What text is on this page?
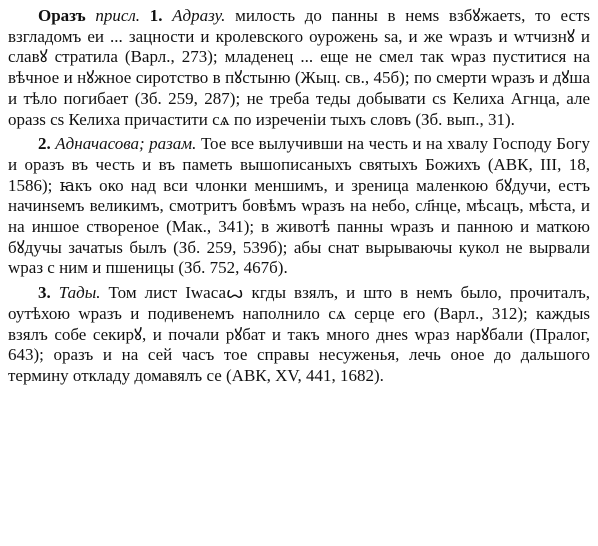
Оразъ присл. 1. Адразу. милость до панны в немѕ взбꙋжаетѕ, то естѕ взгладомъ еи ... зацности и кролевского оурожень ѕа, и же wразъ и wтчизнꙋ и славꙋ стратила (Варл., 273); младенец ... еще не смел так wраз пуститися на вѣчное и нꙋжное сиротство в пꙋстыню (Жыц. св., 45б); по смерти wразъ и дꙋша и тѣло погибает (Зб. 259, 287); не треба теды добывати сѕ Келиха Агнца, але оразѕ сѕ Келиха причастити сѧ по изреченіи тыхъ словъ (Зб. вып., 31).

2. Адначасова; разам. Тое все вылучивши на честь и на хвалу Господу Богу и оразъ въ честь и въ паметь вышописаныхъ святыхъ Божихъ (АВК, III, 18, 1586); ꙗкъ око над вси члонки меншимъ, и зреница маленкою бꙋдучи, естъ начинѕемъ великимъ, смотритъ бовѣмъ wразъ на небо, сл҃нце, мѣсацъ, мѣста, и на иншое створеное (Мак., 341); в животѣ панны wразъ и панною и маткою бꙋдучы зачатыѕ былъ (Зб. 259, 539б); абы снат вырываючы кукол не вырвали wраз с ним и пшеницы (Зб. 752, 467б).

3. Тады. Том лист Іwасаꙍ кгды взялъ, и што в немъ было, прочиталъ, оутѣхою wразъ и подивенемъ наполнило сѧ серце его (Варл., 312); каждыѕ взялъ собе секирꙋ, и почали рꙋбат и такъ много днеѕ wраз нарꙋбали (Пралог, 643); оразъ и на сей часъ тое справы несуженья, лечь оное до дальшого термину откладу домавялъ се (АВК, XV, 441, 1682).
